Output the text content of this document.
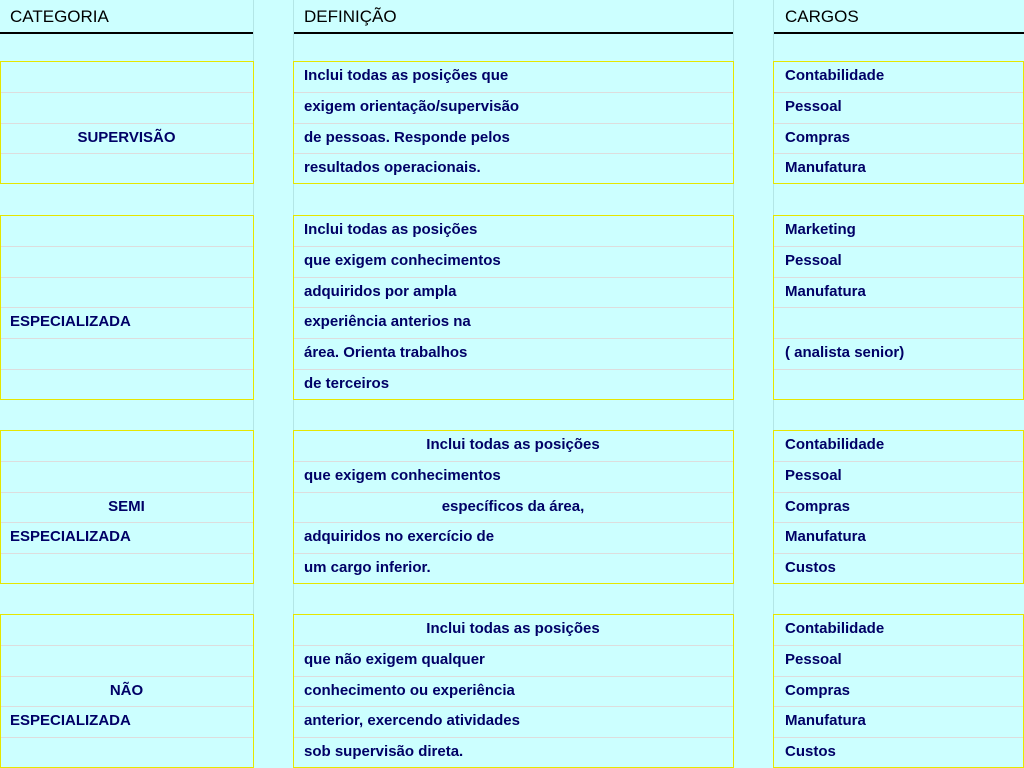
CATEGORIA	DEFINIÇÃO	CARGOS
SUPERVISÃO
Inclui todas as posições que
exigem orientação/supervisão
de pessoas. Responde pelos
resultados operacionais.
Contabilidade
Pessoal
Compras
Manufatura
ESPECIALIZADA
Inclui todas as posições
que exigem conhecimentos
adquiridos por ampla
experiência anterios na
área. Orienta trabalhos
de terceiros
Marketing
Pessoal
Manufatura
( analista senior)
SEMI
ESPECIALIZADA
Inclui todas as posições
que exigem conhecimentos
específicos da área,
adquiridos no exercício de
um cargo inferior.
Contabilidade
Pessoal
Compras
Manufatura
Custos
NÃO
ESPECIALIZADA
Inclui todas as posições
que não exigem qualquer
conhecimento ou experiência
anterior, exercendo atividades
sob supervisão direta.
Contabilidade
Pessoal
Compras
Manufatura
Custos
